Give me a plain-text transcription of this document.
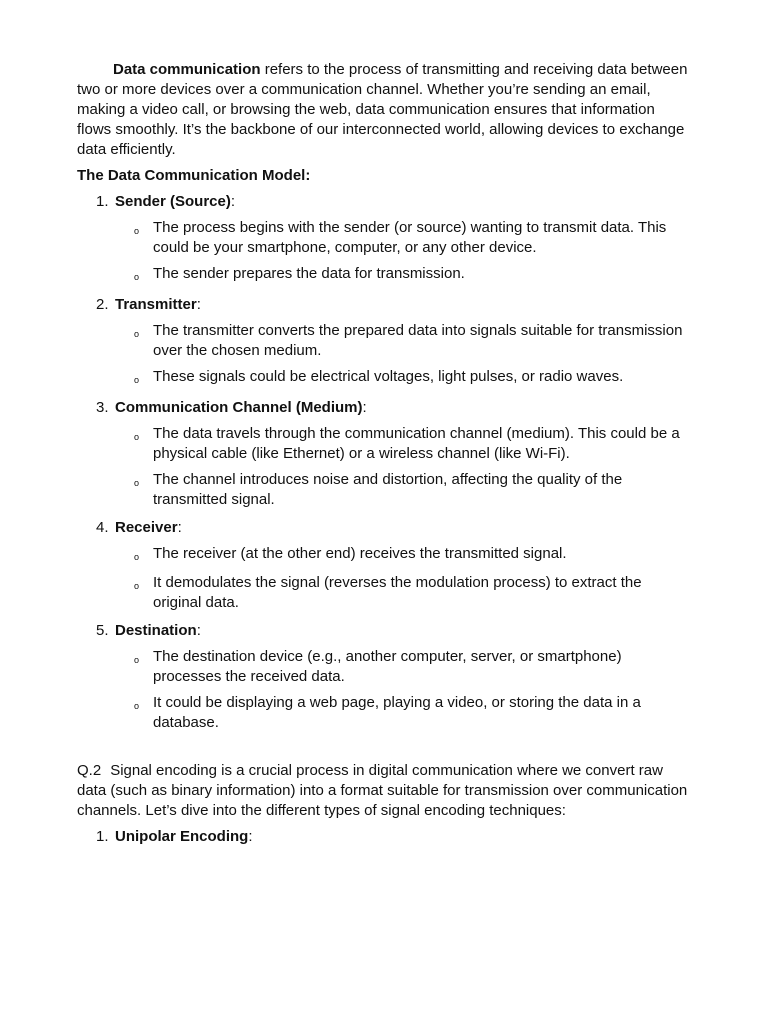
Data communication refers to the process of transmitting and receiving data between two or more devices over a communication channel. Whether you’re sending an email, making a video call, or browsing the web, data communication ensures that information flows smoothly. It’s the backbone of our interconnected world, allowing devices to exchange data efficiently.

The Data Communication Model:

1. Sender (Source):
o The process begins with the sender (or source) wanting to transmit data. This could be your smartphone, computer, or any other device.
o The sender prepares the data for transmission.
2. Transmitter:
o The transmitter converts the prepared data into signals suitable for transmission over the chosen medium.
o These signals could be electrical voltages, light pulses, or radio waves.
3. Communication Channel (Medium):
o The data travels through the communication channel (medium). This could be a physical cable (like Ethernet) or a wireless channel (like Wi-Fi).
o The channel introduces noise and distortion, affecting the quality of the transmitted signal.
4. Receiver:
o The receiver (at the other end) receives the transmitted signal.
o It demodulates the signal (reverses the modulation process) to extract the original data.
5. Destination:
o The destination device (e.g., another computer, server, or smartphone) processes the received data.
o It could be displaying a web page, playing a video, or storing the data in a database.

Q.2 Signal encoding is a crucial process in digital communication where we convert raw data (such as binary information) into a format suitable for transmission over communication channels. Let’s dive into the different types of signal encoding techniques:

1. Unipolar Encoding:
